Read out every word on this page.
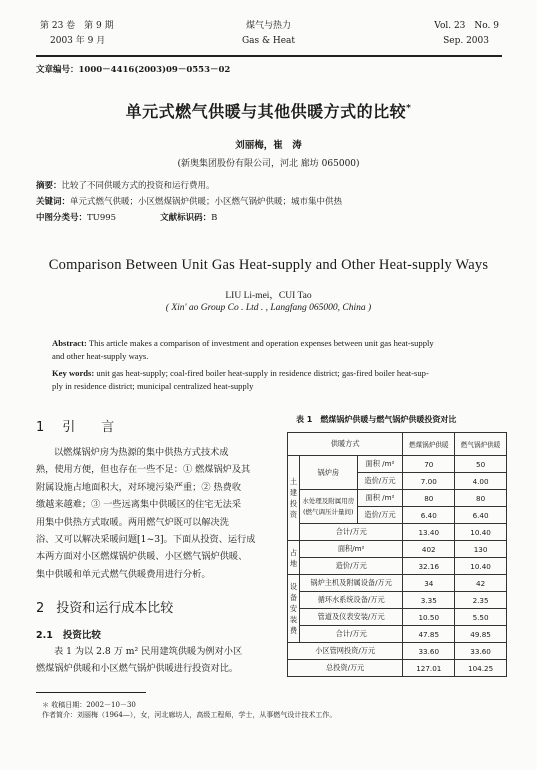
第 23 卷　第 9 期
2003 年 9 月
煤气与热力
Gas & Heat
Vol. 23　No. 9
Sep. 2003
文章编号：1000－4416(2003)09－0553－02
单元式燃气供暖与其他供暖方式的比较*
刘丽梅，崔　涛
(新奥集团股份有限公司，河北 廊坊 065000)
摘要：比较了不同供暖方式的投资和运行费用。
关键词：单元式燃气供暖；小区燃煤锅炉供暖；小区燃气锅炉供暖；城市集中供热
中图分类号：TU995	文献标识码：B
Comparison Between Unit Gas Heat-supply and Other Heat-supply Ways
LIU Li-mei，CUI Tao
( Xin' ao Group Co . Ltd . , Langfang 065000, China )
Abstract: This article makes a comparison of investment and operation expenses between unit gas heat-supply
and other heat-supply ways.
Key words: unit gas heat-supply; coal-fired boiler heat-supply in residence district; gas-fired boiler heat-sup-
ply in residence district; municipal centralized heat-supply
1 引　　言
以燃煤锅炉房为热源的集中供热方式技术成
熟，使用方便，但也存在一些不足：① 燃煤锅炉及其
附属设施占地面积大，对环境污染严重；② 热费收
缴越来越难；③ 一些远离集中供暖区的住宅无法采
用集中供热方式取暖。两用燃气炉既可以解决洗
浴、又可以解决采暖问题[1~3]。下面从投资、运行成
本两方面对小区燃煤锅炉供暖、小区燃气锅炉供暖、
集中供暖和单元式燃气供暖费用进行分析。
2 投资和运行成本比较
2.1 投资比较
表 1 为以 2.8 万 m² 民用建筑供暖为例对小区
燃煤锅炉供暖和小区燃气锅炉供暖进行投资对比。
＊ 收稿日期：2002－10－30
作者简介：刘丽梅（1964—），女，河北廊坊人，高级工程师，学士，从事燃气设计技术工作。
表 1　燃煤锅炉供暖与燃气锅炉供暖投资对比
供暖方式			燃煤锅炉供暖	燃气锅炉供暖
土
建
投
资	锅炉房	面积 /m²	70	50
		造价/万元	7.00	4.00
	水处理及附属用房
(燃气调压计量间)	面积 /m²	80	80
		造价/万元	6.40	6.40
	合计/万元		13.40	10.40
占
地	面积/m²		402	130
	造价/万元		32.16	10.40
设
备
安
装
费	锅炉主机及附属设备/万元		34	42
	循环水系统设备/万元		3.35	2.35
	管道及仪表安装/万元		10.50	5.50
	合计/万元		47.85	49.85
小区管网投资/万元			33.60	33.60
总投资/万元			127.01	104.25
